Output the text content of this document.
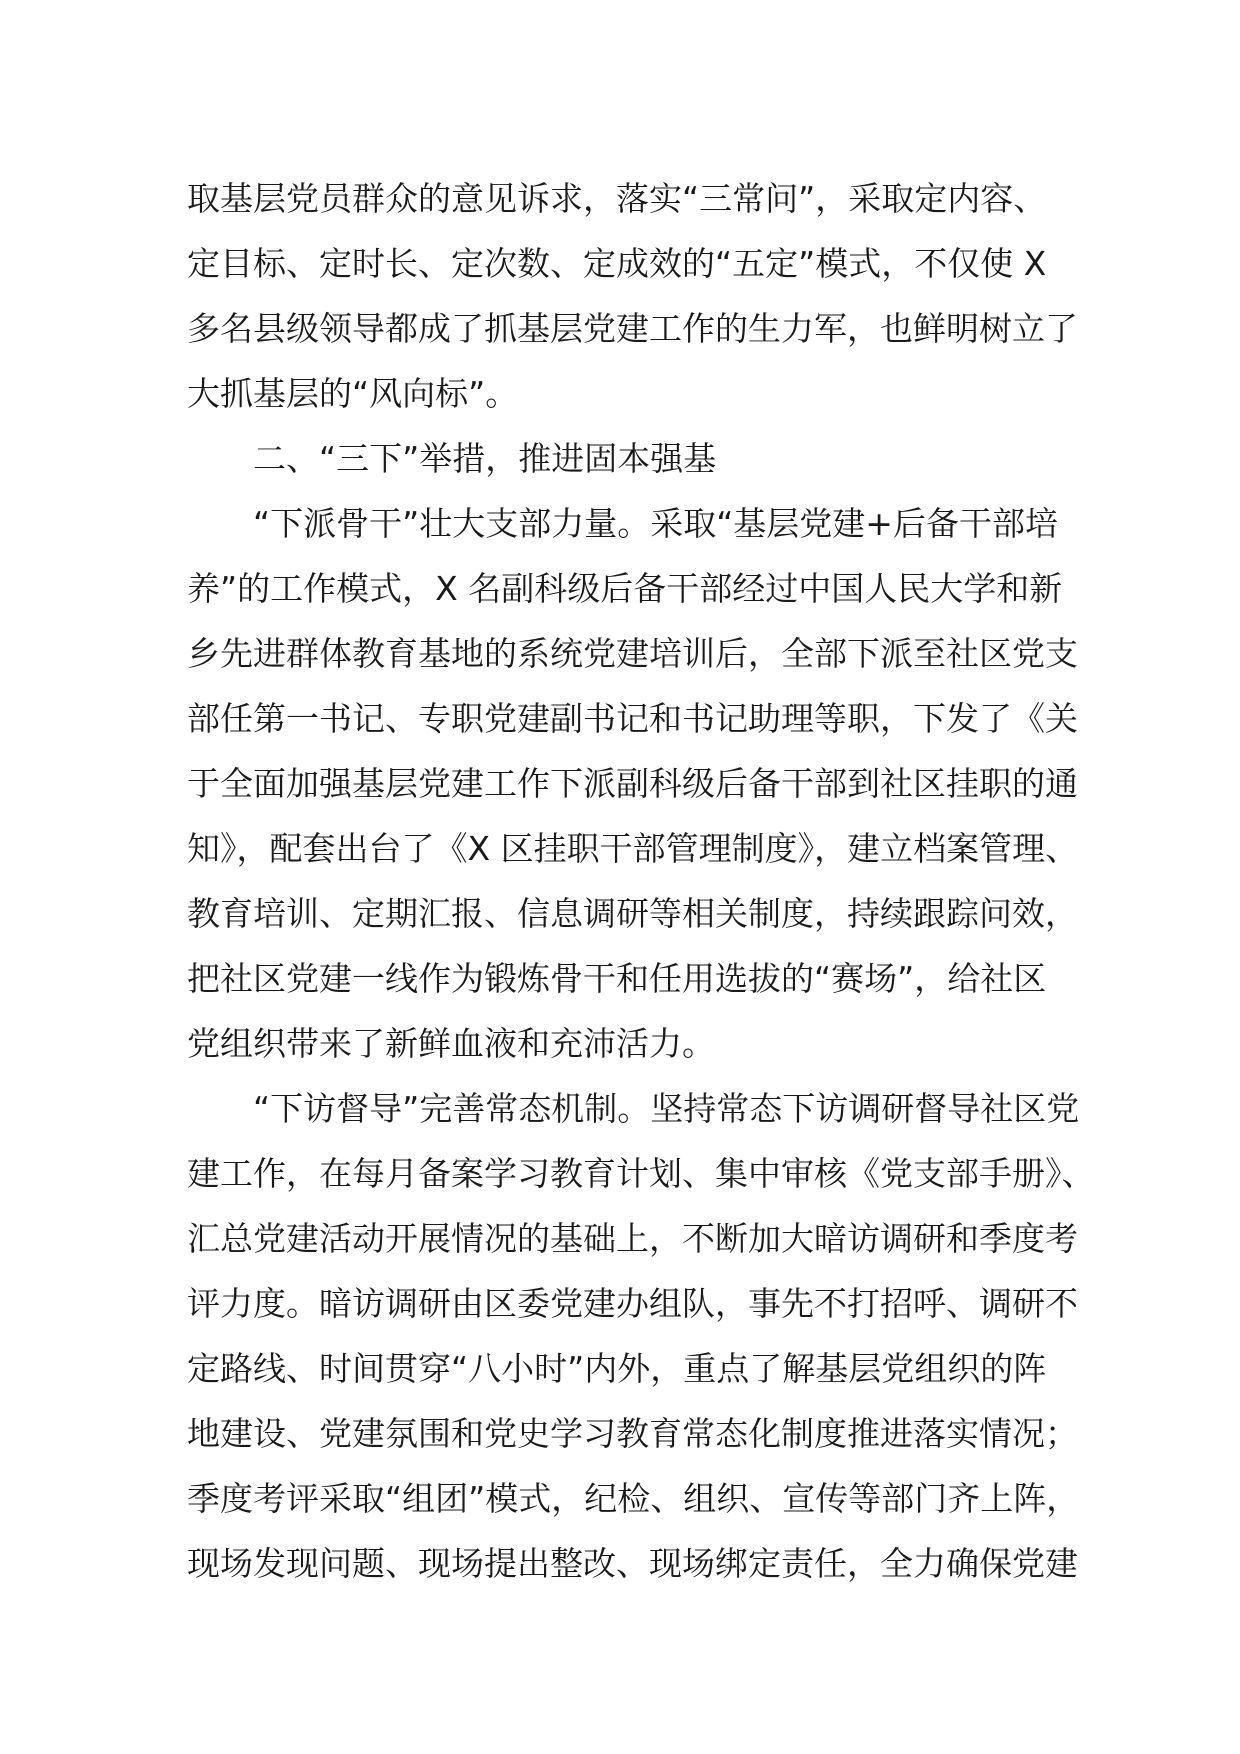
取基层党员群众的意见诉求，落实“三常问”，采取定内容、
定目标、定时长、定次数、定成效的“五定”模式，不仅使 X
多名县级领导都成了抓基层党建工作的生力军，也鲜明树立了
大抓基层的“风向标”。
　　二、“三下”举措，推进固本强基
　　“下派骨干”壮大支部力量。采取“基层党建+后备干部培
养”的工作模式，X 名副科级后备干部经过中国人民大学和新
乡先进群体教育基地的系统党建培训后，全部下派至社区党支
部任第一书记、专职党建副书记和书记助理等职，下发了《关
于全面加强基层党建工作下派副科级后备干部到社区挂职的通
知》，配套出台了《X 区挂职干部管理制度》，建立档案管理、
教育培训、定期汇报、信息调研等相关制度，持续跟踪问效，
把社区党建一线作为锻炼骨干和任用选拔的“赛场”，给社区
党组织带来了新鲜血液和充沛活力。
　　“下访督导”完善常态机制。坚持常态下访调研督导社区党
建工作，在每月备案学习教育计划、集中审核《党支部手册》、
汇总党建活动开展情况的基础上，不断加大暗访调研和季度考
评力度。暗访调研由区委党建办组队，事先不打招呼、调研不
定路线、时间贯穿“八小时”内外，重点了解基层党组织的阵
地建设、党建氛围和党史学习教育常态化制度推进落实情况；
季度考评采取“组团”模式，纪检、组织、宣传等部门齐上阵，
现场发现问题、现场提出整改、现场绑定责任，全力确保党建
